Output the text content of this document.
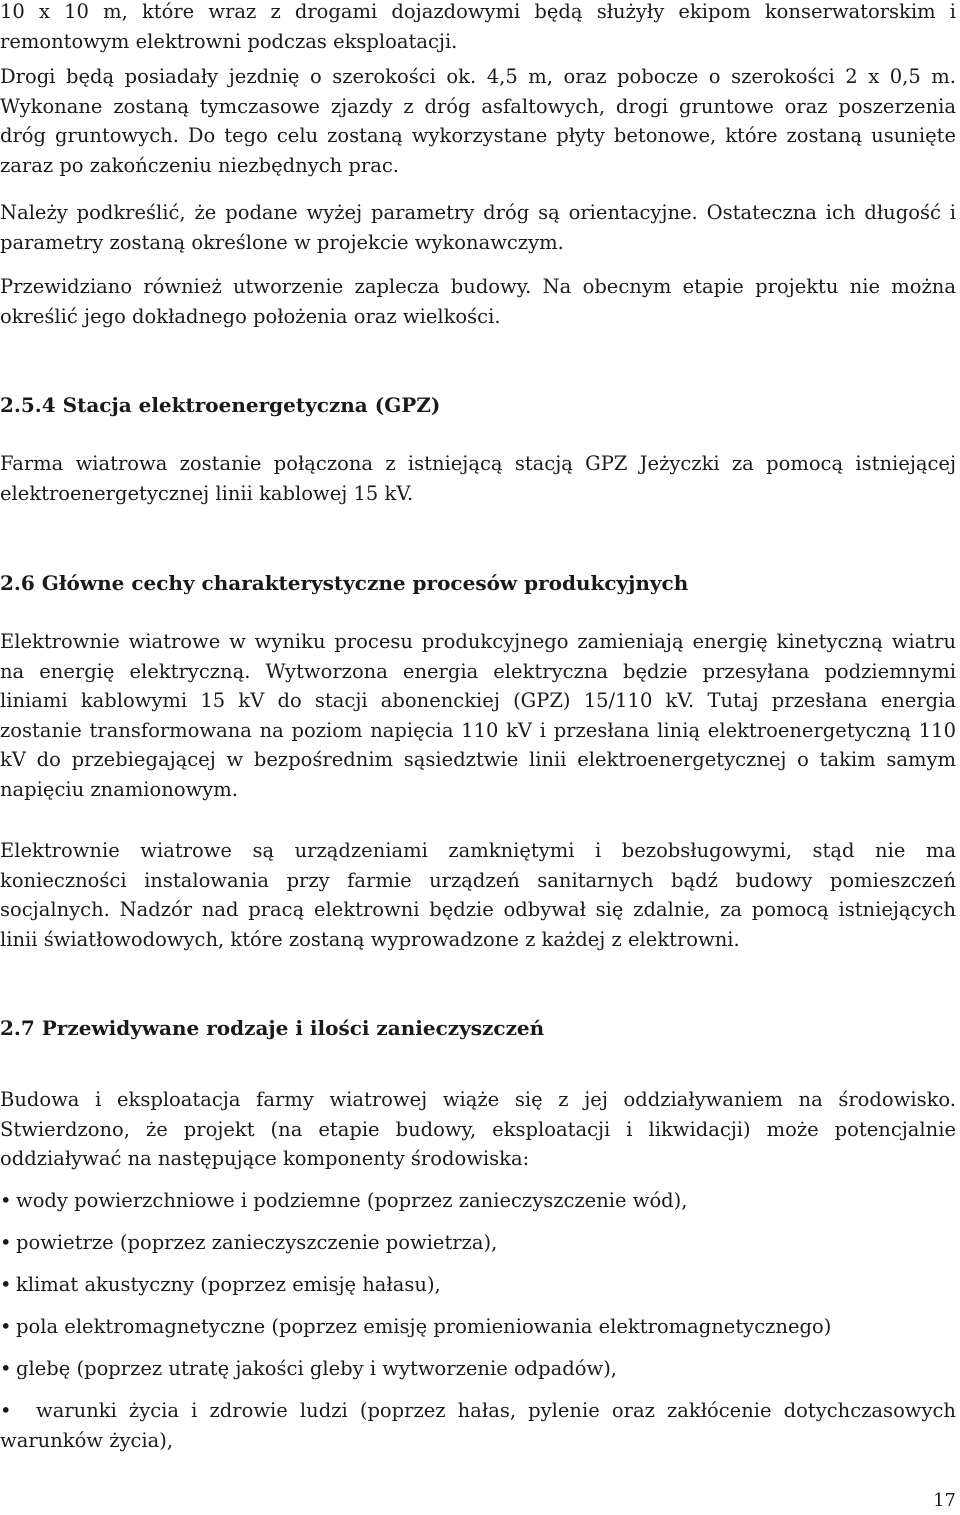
10 x 10 m, które wraz z drogami dojazdowymi będą służyły ekipom konserwatorskim i remontowym elektrowni podczas eksploatacji.

Drogi będą posiadały jezdnię o szerokości ok. 4,5 m, oraz pobocze o szerokości 2 x 0,5 m. Wykonane zostaną tymczasowe zjazdy z dróg asfaltowych, drogi gruntowe oraz poszerzenia dróg gruntowych. Do tego celu zostaną wykorzystane płyty betonowe, które zostaną usunięte zaraz po zakończeniu niezbędnych prac.

Należy podkreślić, że podane wyżej parametry dróg są orientacyjne. Ostateczna ich długość i parametry zostaną określone w projekcie wykonawczym.

Przewidziano również utworzenie zaplecza budowy. Na obecnym etapie projektu nie można określić jego dokładnego położenia oraz wielkości.

2.5.4 Stacja elektroenergetyczna (GPZ)

Farma wiatrowa zostanie połączona z istniejącą stacją GPZ Jeżyczki za pomocą istniejącej elektroenergetycznej linii kablowej 15 kV.

2.6 Główne cechy charakterystyczne procesów produkcyjnych

Elektrownie wiatrowe w wyniku procesu produkcyjnego zamieniają energię kinetyczną wiatru na energię elektryczną. Wytworzona energia elektryczna będzie przesyłana podziemnymi liniami kablowymi 15 kV do stacji abonenckiej (GPZ) 15/110 kV. Tutaj przesłana energia zostanie transformowana na poziom napięcia 110 kV i przesłana linią elektroenergetyczną 110 kV do przebiegającej w bezpośrednim sąsiedztwie linii elektroenergetycznej o takim samym napięciu znamionowym.

Elektrownie wiatrowe są urządzeniami zamkniętymi i bezobsługowymi, stąd nie ma konieczności instalowania przy farmie urządzeń sanitarnych bądź budowy pomieszczeń socjalnych. Nadzór nad pracą elektrowni będzie odbywał się zdalnie, za pomocą istniejących linii światłowodowych, które zostaną wyprowadzone z każdej z elektrowni.

2.7 Przewidywane rodzaje i ilości zanieczyszczeń

Budowa i eksploatacja farmy wiatrowej wiąże się z jej oddziaływaniem na środowisko. Stwierdzono, że projekt (na etapie budowy, eksploatacji i likwidacji) może potencjalnie oddziaływać na następujące komponenty środowiska:

• wody powierzchniowe i podziemne (poprzez zanieczyszczenie wód),
• powietrze (poprzez zanieczyszczenie powietrza),
• klimat akustyczny (poprzez emisję hałasu),
• pola elektromagnetyczne (poprzez emisję promieniowania elektromagnetycznego)
• glebę (poprzez utratę jakości gleby i wytworzenie odpadów),
• warunki życia i zdrowie ludzi (poprzez hałas, pylenie oraz zakłócenie dotychczasowych warunków życia),
17
